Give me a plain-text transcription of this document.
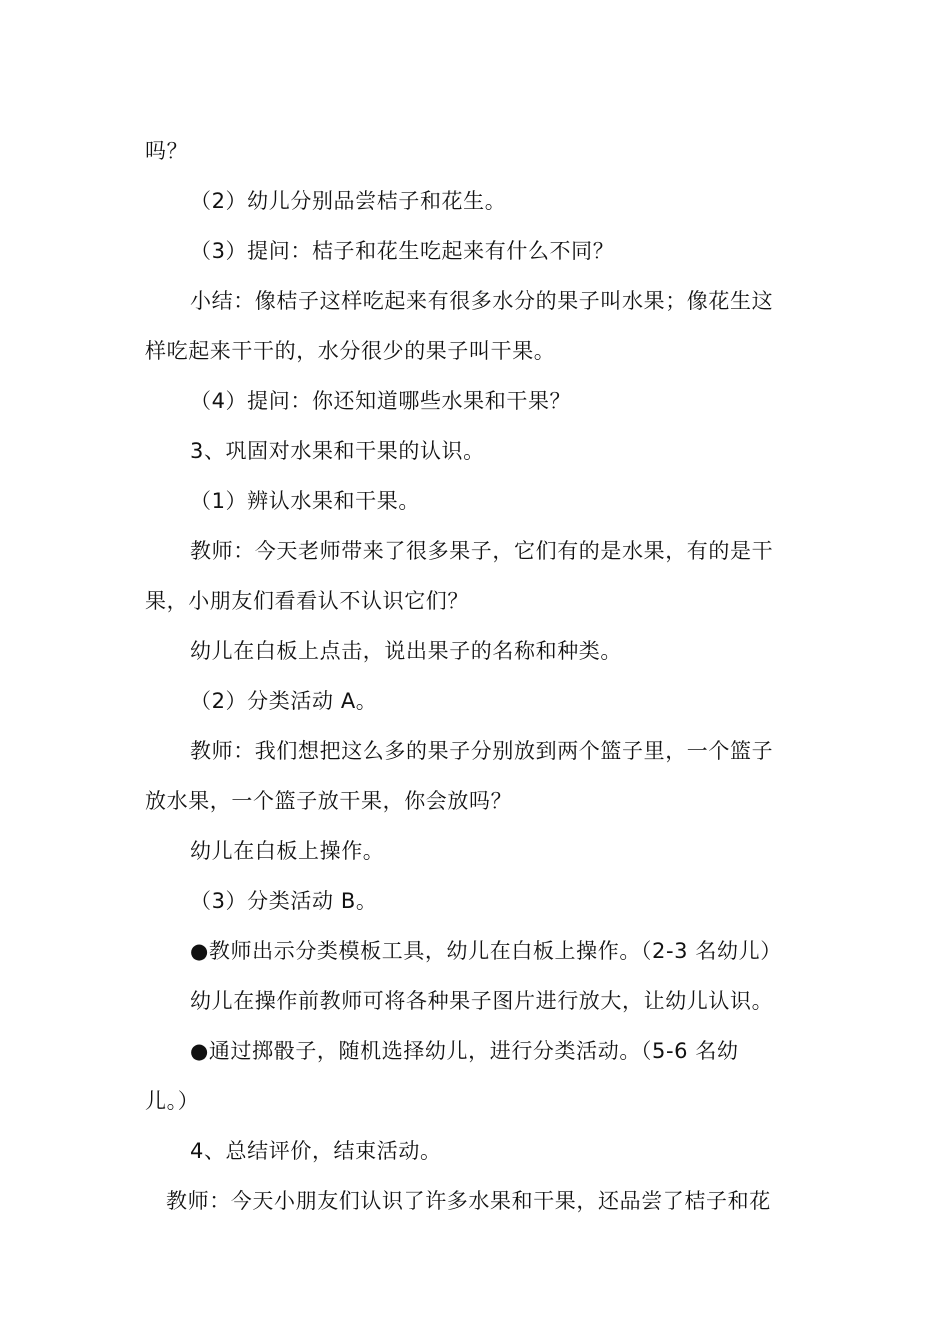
吗？
（2）幼儿分别品尝桔子和花生。
（3）提问：桔子和花生吃起来有什么不同？
小结：像桔子这样吃起来有很多水分的果子叫水果；像花生这
样吃起来干干的，水分很少的果子叫干果。
（4）提问：你还知道哪些水果和干果？
3、巩固对水果和干果的认识。
（1）辨认水果和干果。
教师：今天老师带来了很多果子，它们有的是水果，有的是干
果，小朋友们看看认不认识它们？
幼儿在白板上点击，说出果子的名称和种类。
（2）分类活动 A。
教师：我们想把这么多的果子分别放到两个篮子里，一个篮子
放水果，一个篮子放干果，你会放吗？
幼儿在白板上操作。
（3）分类活动 B。
●教师出示分类模板工具，幼儿在白板上操作。（2-3 名幼儿）
幼儿在操作前教师可将各种果子图片进行放大，让幼儿认识。
●通过掷骰子，随机选择幼儿，进行分类活动。（5-6 名幼
儿。）
4、总结评价，结束活动。
教师：今天小朋友们认识了许多水果和干果，还品尝了桔子和花
